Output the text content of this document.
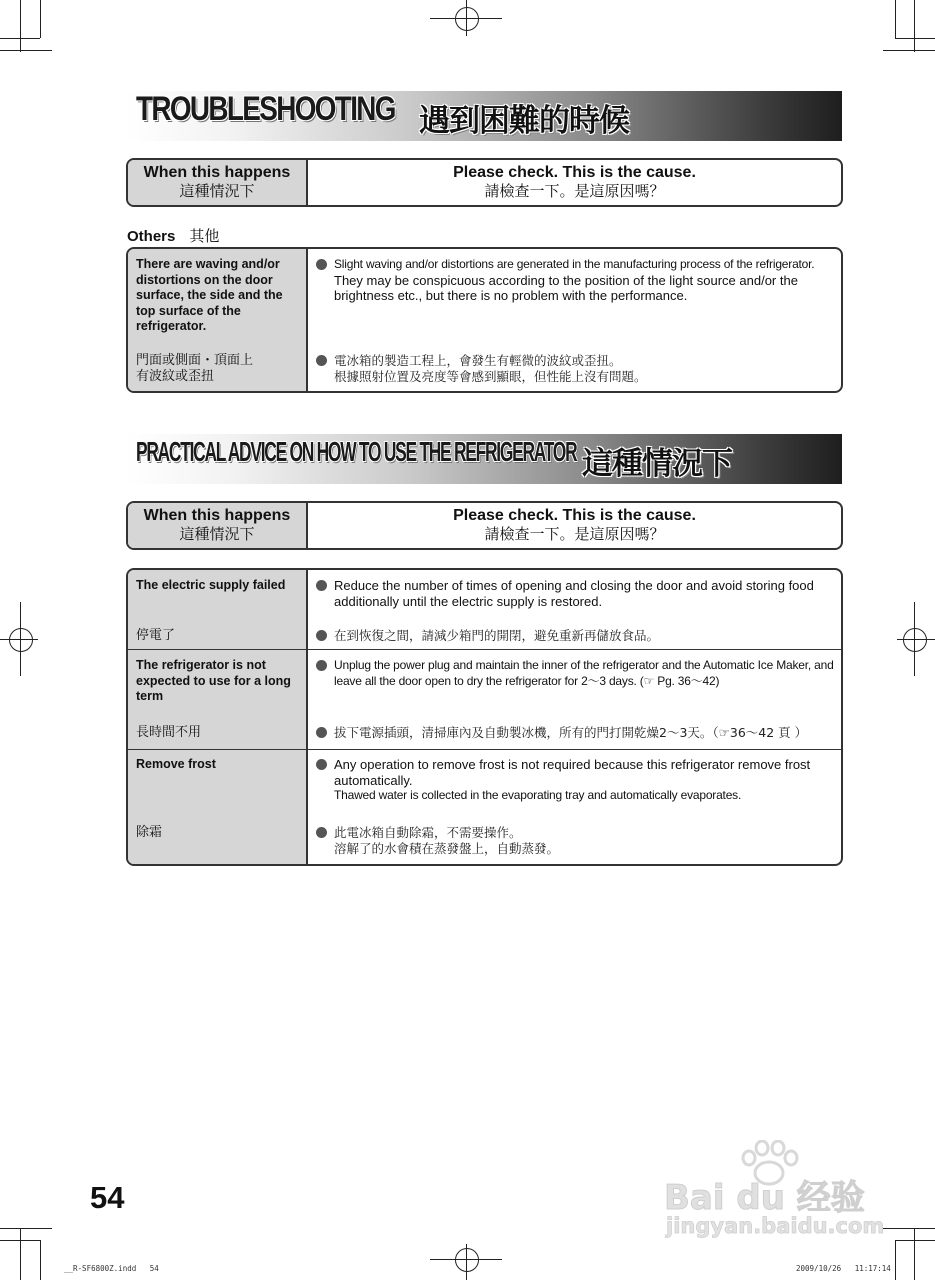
TROUBLESHOOTING 遇到困難的時候
When this happens
這種情況下
Please check. This is the cause.
請檢查一下。是這原因嗎？
Others 其他
There are waving and/or distortions on the door surface, the side and the top surface of the refrigerator.
門面或側面・頂面上
有波紋或歪扭
Slight waving and/or distortions are generated in the manufacturing process of the refrigerator.
They may be conspicuous according to the position of the light source and/or the brightness etc., but there is no problem with the performance.
電冰箱的製造工程上，會發生有輕微的波紋或歪扭。
根據照射位置及亮度等會感到顯眼，但性能上沒有問題。
PRACTICAL ADVICE ON HOW TO USE THE REFRIGERATOR 這種情況下
When this happens
這種情況下
Please check. This is the cause.
請檢查一下。是這原因嗎？
The electric supply failed
停電了
Reduce the number of times of opening and closing the door and avoid storing food additionally until the electric supply is restored.
在到恢復之間，請減少箱門的開閉，避免重新再儲放食品。
The refrigerator is not expected to use for a long term
長時間不用
Unplug the power plug and maintain the inner of the refrigerator and the Automatic Ice Maker, and leave all the door open to dry the refrigerator for 2～3 days. (☞ Pg. 36～42)
拔下電源插頭，清掃庫內及自動製冰機，所有的門打開乾燥2～3天。（☞36～42 頁 ）
Remove frost
除霜
Any operation to remove frost is not required because this refrigerator remove frost automatically.
Thawed water is collected in the evaporating tray and automatically evaporates.
此電冰箱自動除霜，不需要操作。
溶解了的水會積在蒸發盤上，自動蒸發。
54	Bai du 经验
jingyan.baidu.com
__R-SF6800Z.indd   54	2009/10/26   11:17:14
